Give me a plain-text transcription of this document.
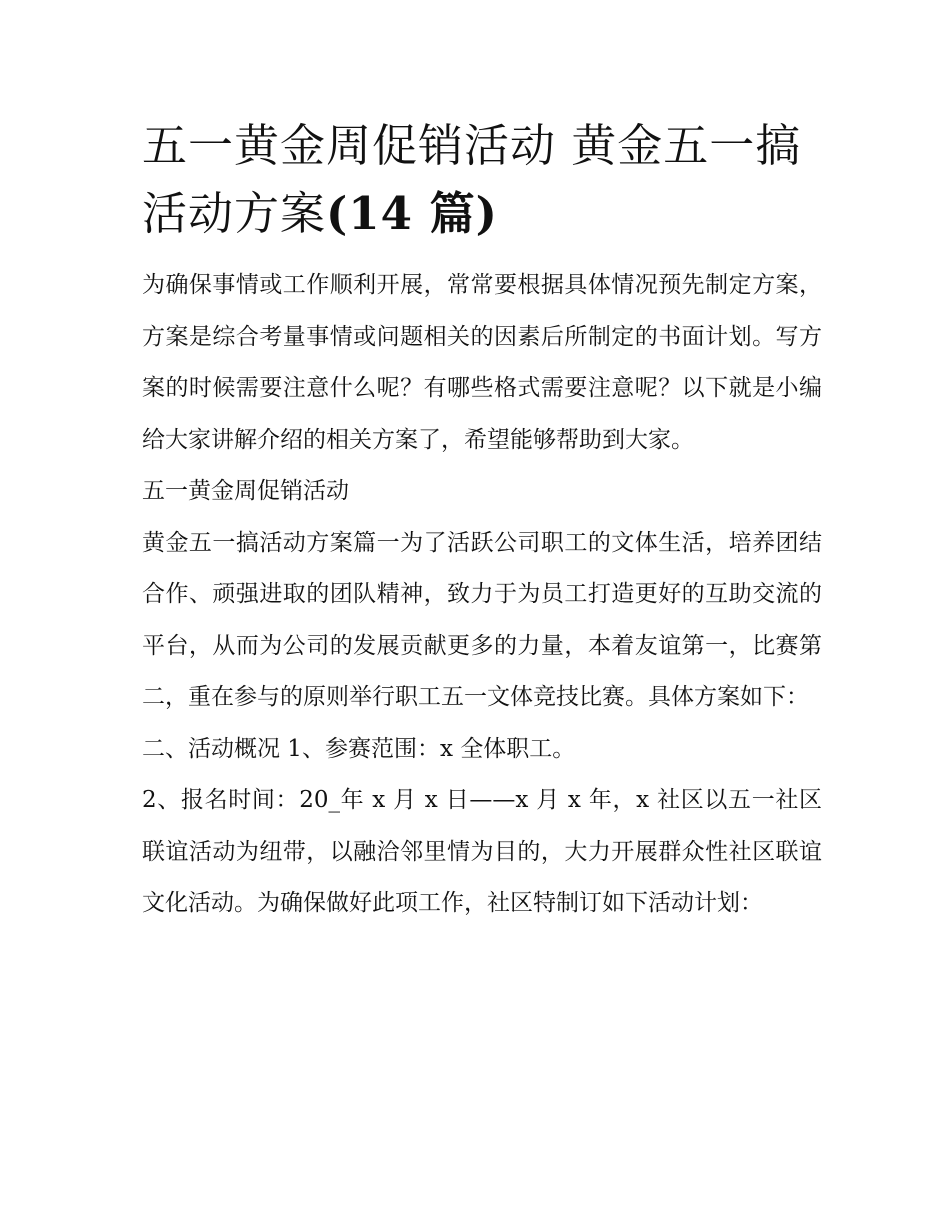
五一黄金周促销活动 黄金五一搞活动方案(14 篇)

为确保事情或工作顺利开展，常常要根据具体情况预先制定方案，方案是综合考量事情或问题相关的因素后所制定的书面计划。写方案的时候需要注意什么呢？有哪些格式需要注意呢？以下就是小编给大家讲解介绍的相关方案了，希望能够帮助到大家。

五一黄金周促销活动

黄金五一搞活动方案篇一为了活跃公司职工的文体生活，培养团结合作、顽强进取的团队精神，致力于为员工打造更好的互助交流的平台，从而为公司的发展贡献更多的力量，本着友谊第一，比赛第二，重在参与的原则举行职工五一文体竞技比赛。具体方案如下：

二、活动概况 1、参赛范围：x 全体职工。

2、报名时间：20_年 x 月 x 日——x 月 x 年，x 社区以五一社区联谊活动为纽带，以融洽邻里情为目的，大力开展群众性社区联谊文化活动。为确保做好此项工作，社区特制订如下活动计划：
